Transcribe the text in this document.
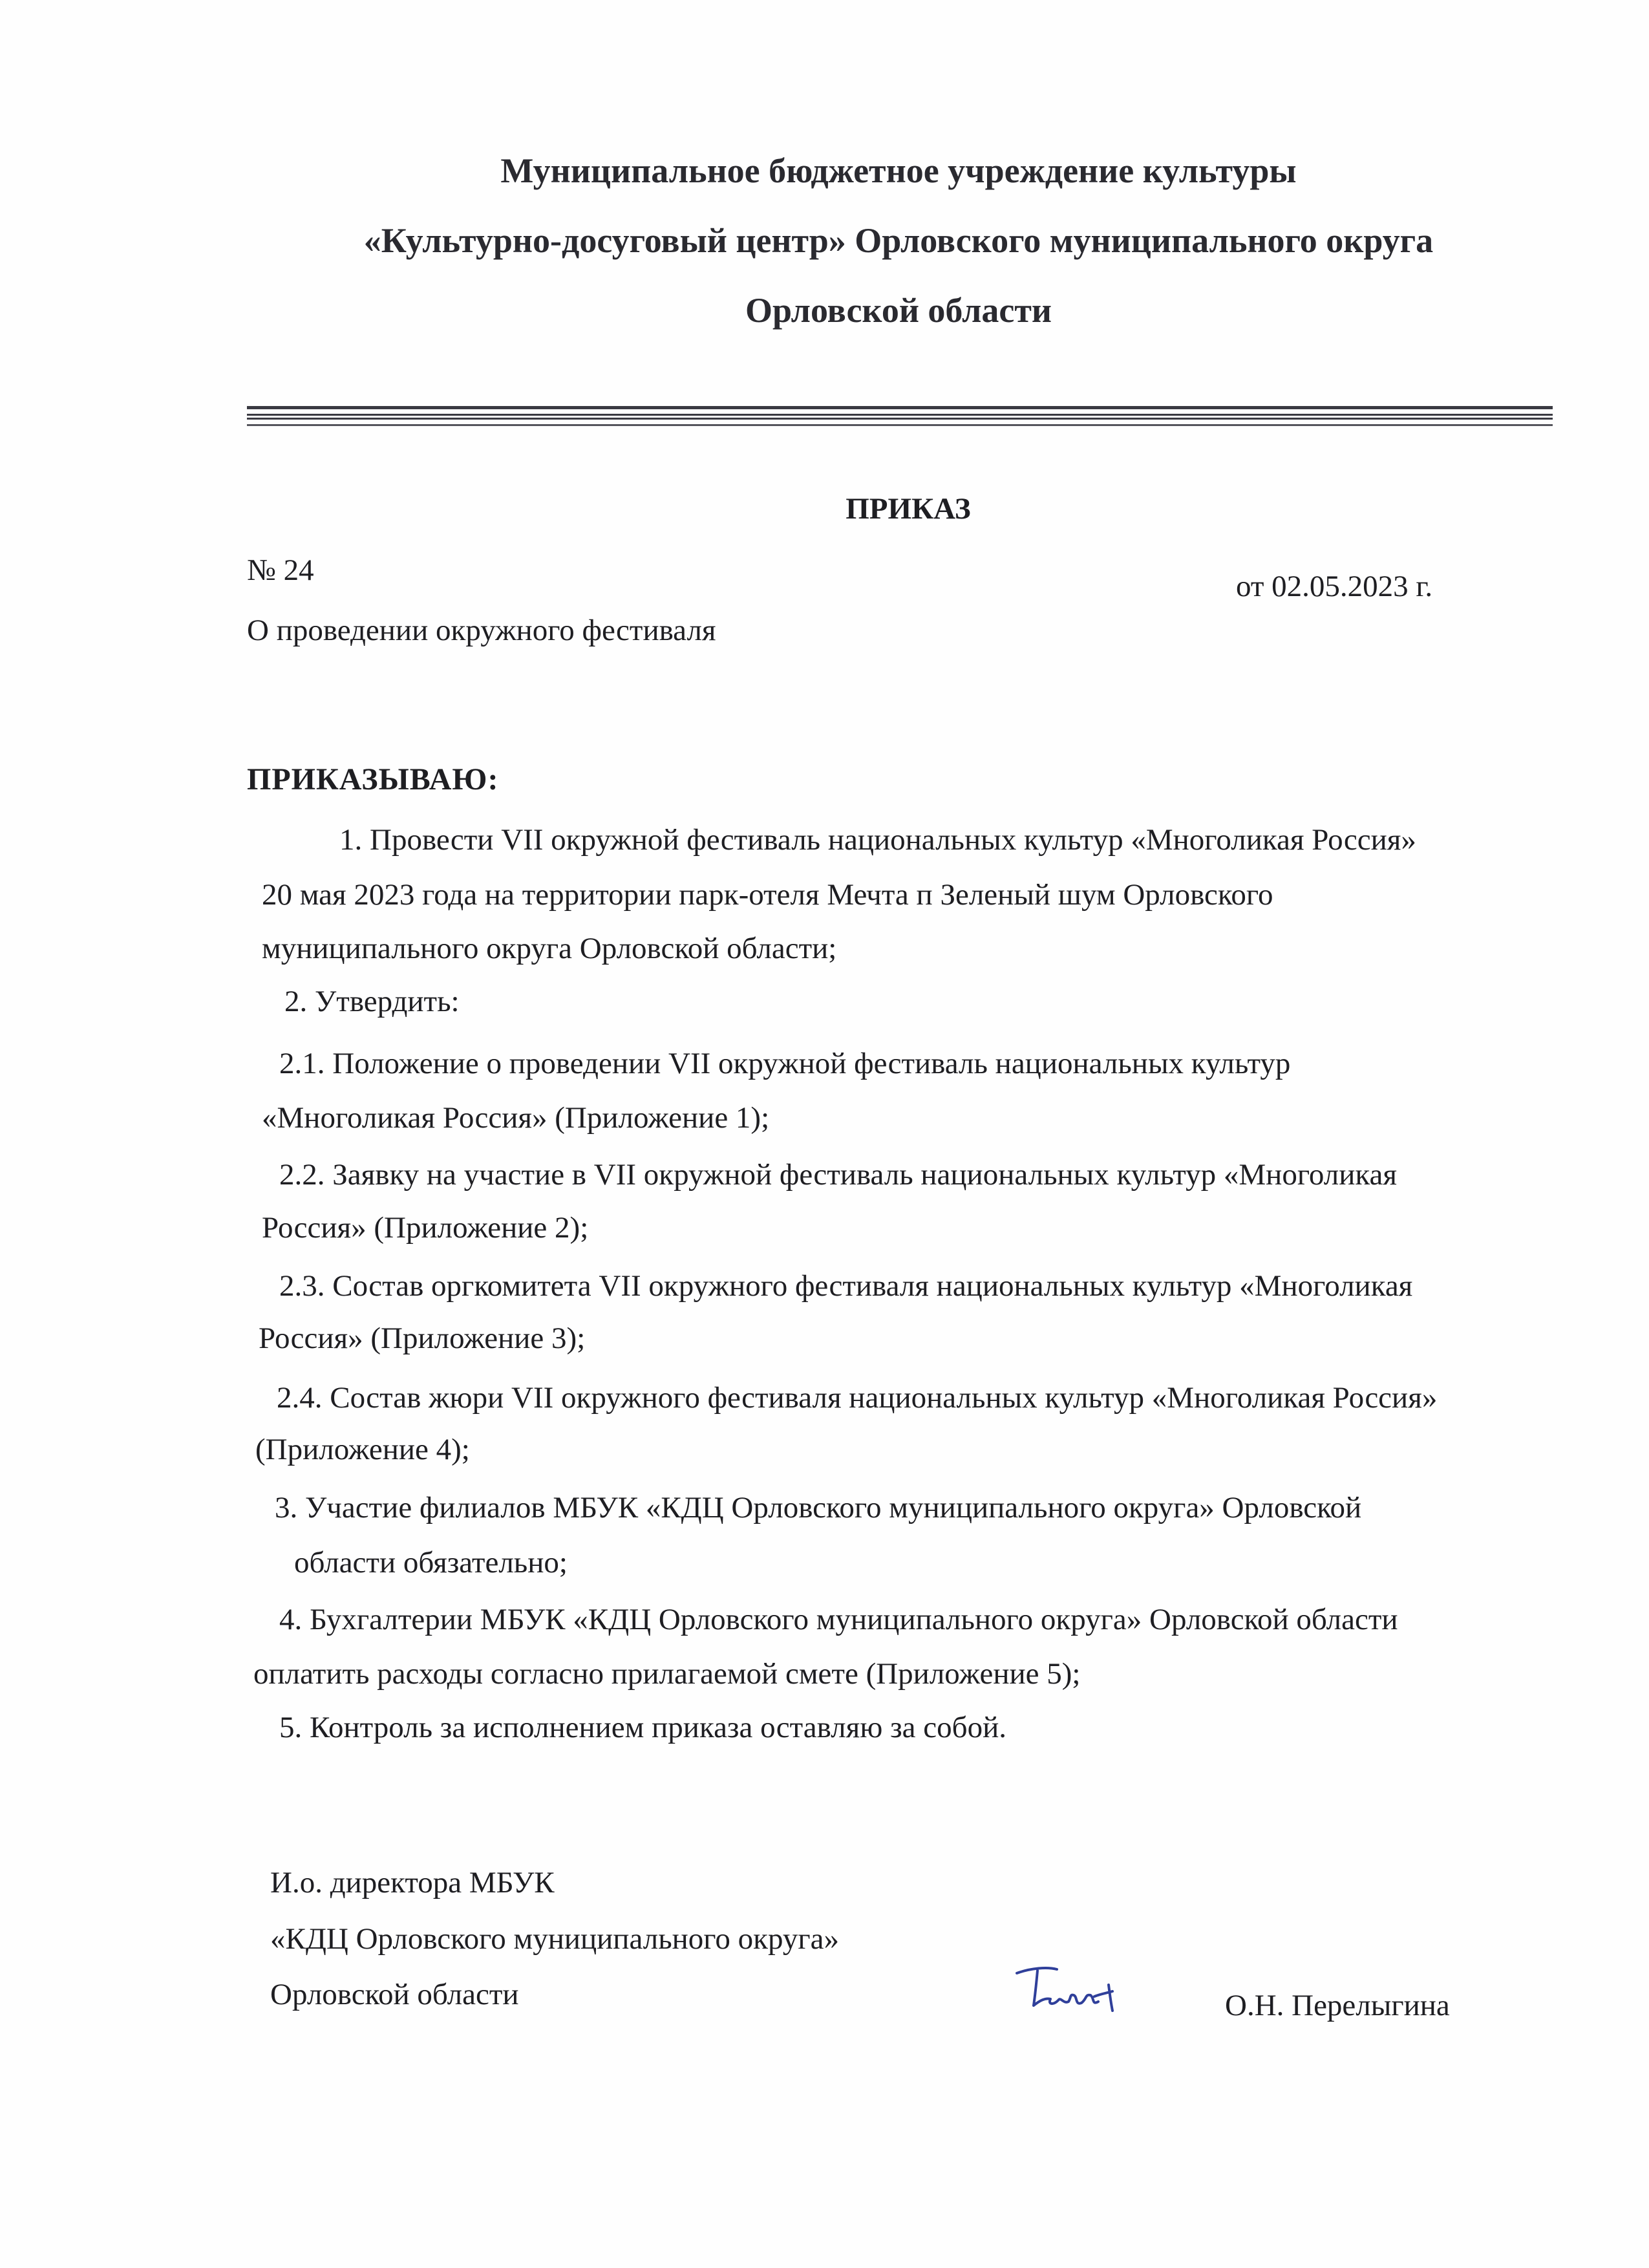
Муниципальное бюджетное учреждение культуры
«Культурно-досуговый центр» Орловского муниципального округа
Орловской области
ПРИКАЗ
№ 24	от 02.05.2023 г.
О проведении окружного фестиваля
ПРИКАЗЫВАЮ:
1. Провести VII окружной фестиваль национальных культур «Многоликая Россия»
20 мая 2023 года на территории парк-отеля Мечта п Зеленый шум Орловского
муниципального округа Орловской области;
2. Утвердить:
2.1. Положение о проведении VII окружной фестиваль национальных культур
«Многоликая Россия» (Приложение 1);
2.2. Заявку на участие в VII окружной фестиваль национальных культур «Многоликая
Россия» (Приложение 2);
2.3. Состав оргкомитета VII окружного фестиваля национальных культур «Многоликая
Россия» (Приложение 3);
2.4. Состав жюри VII окружного фестиваля национальных культур «Многоликая Россия»
(Приложение 4);
3. Участие филиалов МБУК «КДЦ Орловского муниципального округа» Орловской
области обязательно;
4. Бухгалтерии МБУК «КДЦ Орловского муниципального округа» Орловской области
оплатить расходы согласно прилагаемой смете (Приложение 5);
5. Контроль за исполнением приказа оставляю за собой.
И.о. директора МБУК
«КДЦ Орловского муниципального округа»
Орловской области	О.Н. Перелыгина
